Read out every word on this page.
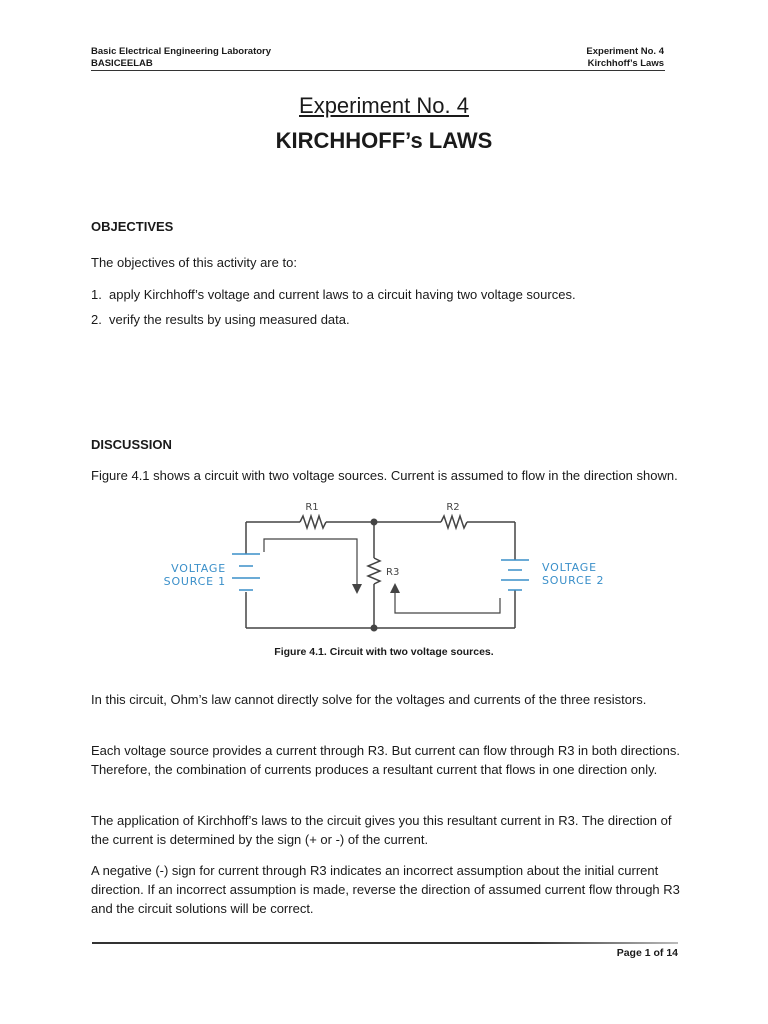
Basic Electrical Engineering Laboratory
BASICEELAB
Experiment No. 4
Kirchhoff’s Laws
Experiment No. 4
KIRCHHOFF’s LAWS
OBJECTIVES
The objectives of this activity are to:
1. apply Kirchhoff’s voltage and current laws to a circuit having two voltage sources.
2. verify the results by using measured data.
DISCUSSION
Figure 4.1 shows a circuit with two voltage sources. Current is assumed to flow in the direction shown.
R1	R2
R3
VOLTAGE
SOURCE 1
VOLTAGE
SOURCE 2
Figure 4.1. Circuit with two voltage sources.
In this circuit, Ohm’s law cannot directly solve for the voltages and currents of the three resistors.
Each voltage source provides a current through R3. But current can flow through R3 in both directions. Therefore, the combination of currents produces a resultant current that flows in one direction only.
The application of Kirchhoff’s laws to the circuit gives you this resultant current in R3. The direction of the current is determined by the sign (+ or -) of the current.
A negative (-) sign for current through R3 indicates an incorrect assumption about the initial current direction. If an incorrect assumption is made, reverse the direction of assumed current flow through R3 and the circuit solutions will be correct.
Page 1 of 14
